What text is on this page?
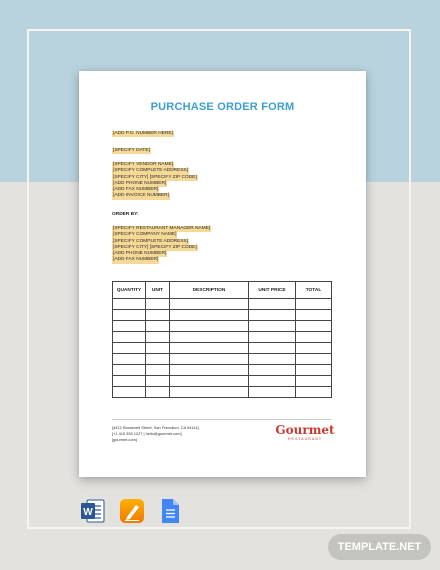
PURCHASE ORDER FORM
[ADD P.O. NUMBER HERE]
[SPECIFY DATE]
[SPECIFY VENDOR NAME]
[SPECIFY COMPLETE ADDRESS]
[SPECIFY CITY] [SPECIFY ZIP CODE]
[ADD PHONE NUMBER]
[ADD FAX NUMBER]
[ADD INVOICE NUMBER]
ORDER BY:
[SPECIFY RESTAURANT MANAGER NAME]
[SPECIFY COMPANY NAME]
[SPECIFY COMPLETE ADDRESS]
[SPECIFY CITY] [SPECIFY ZIP CODE]
[ADD PHONE NUMBER]
[ADD FAX NUMBER]
QUANTITY	UNIT	DESCRIPTION	UNIT PRICE	TOTAL

[4412 Roosevelt Street, San Francisco, CA 94114]
[+1 415 355 1227 | hello@gourmet.com]
[gourmet.com]
Gourmet
RESTAURANT
W
TEMPLATE.NET
